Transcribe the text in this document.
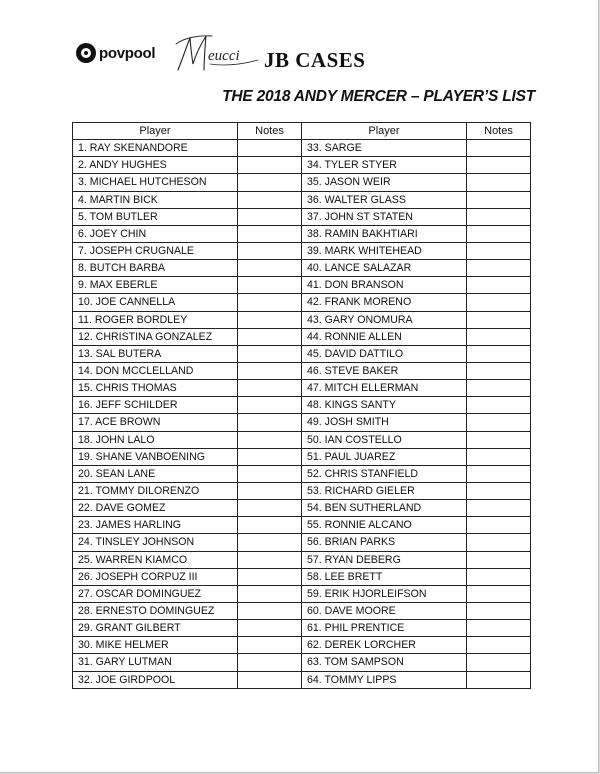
povpool	eucci JB CASES
THE 2018 ANDY MERCER – PLAYER’S LIST
Player	Notes	Player	Notes
1. RAY SKENANDORE		33. SARGE	
2. ANDY HUGHES		34. TYLER STYER	
3. MICHAEL HUTCHESON		35. JASON WEIR	
4. MARTIN BICK		36. WALTER GLASS	
5. TOM BUTLER		37. JOHN ST STATEN	
6. JOEY CHIN		38. RAMIN BAKHTIARI	
7. JOSEPH CRUGNALE		39. MARK WHITEHEAD	
8. BUTCH BARBA		40. LANCE SALAZAR	
9. MAX EBERLE		41. DON BRANSON	
10. JOE CANNELLA		42. FRANK MORENO	
11. ROGER BORDLEY		43. GARY ONOMURA	
12. CHRISTINA GONZALEZ		44. RONNIE ALLEN	
13. SAL BUTERA		45. DAVID DATTILO	
14. DON MCCLELLAND		46. STEVE BAKER	
15. CHRIS THOMAS		47. MITCH ELLERMAN	
16. JEFF SCHILDER		48. KINGS SANTY	
17. ACE BROWN		49. JOSH SMITH	
18. JOHN LALO		50. IAN COSTELLO	
19. SHANE VANBOENING		51. PAUL JUAREZ	
20. SEAN LANE		52. CHRIS STANFIELD	
21. TOMMY DILORENZO		53. RICHARD GIELER	
22. DAVE GOMEZ		54. BEN SUTHERLAND	
23. JAMES HARLING		55. RONNIE ALCANO	
24. TINSLEY JOHNSON		56. BRIAN PARKS	
25. WARREN KIAMCO		57. RYAN DEBERG	
26. JOSEPH CORPUZ III		58. LEE BRETT	
27. OSCAR DOMINGUEZ		59. ERIK HJORLEIFSON	
28. ERNESTO DOMINGUEZ		60. DAVE MOORE	
29. GRANT GILBERT		61. PHIL PRENTICE	
30. MIKE HELMER		62. DEREK LORCHER	
31. GARY LUTMAN		63. TOM SAMPSON	
32. JOE GIRDPOOL		64. TOMMY LIPPS	
